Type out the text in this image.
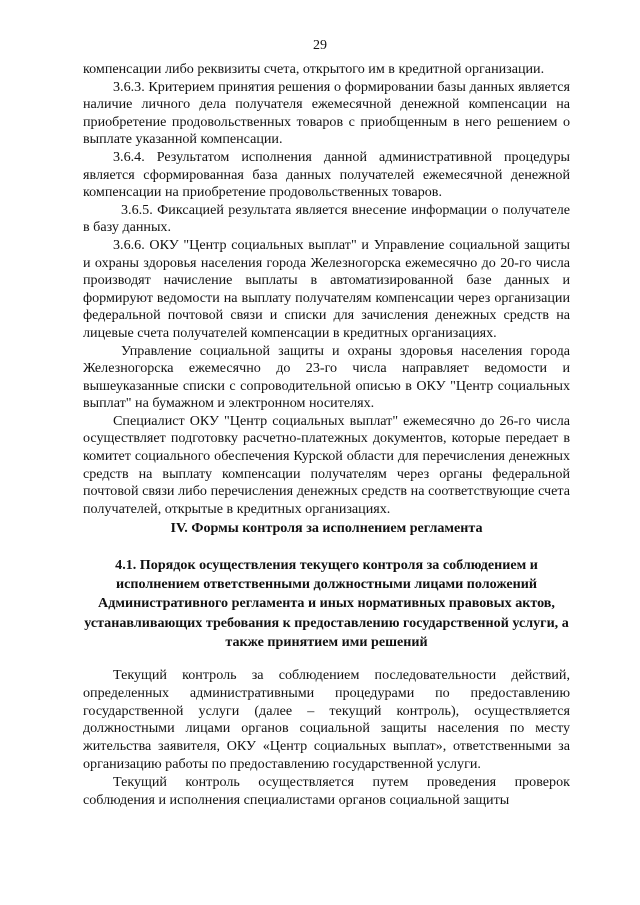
29

компенсации либо реквизиты счета, открытого им в кредитной организации.

3.6.3. Критерием принятия решения о формировании базы данных является наличие личного дела получателя ежемесячной денежной компенсации на приобретение продовольственных товаров с приобщенным в него решением о выплате указанной компенсации.

3.6.4. Результатом исполнения данной административной процедуры является сформированная база данных получателей ежемесячной денежной компенсации на приобретение продовольственных товаров.

3.6.5. Фиксацией результата является внесение информации о получателе в базу данных.

3.6.6. ОКУ "Центр социальных выплат" и Управление социальной защиты и охраны здоровья населения города Железногорска ежемесячно до 20-го числа производят начисление выплаты в автоматизированной базе данных и формируют ведомости на выплату получателям компенсации через организации федеральной почтовой связи и списки для зачисления денежных средств на лицевые счета получателей компенсации в кредитных организациях.

Управление социальной защиты и охраны здоровья населения города Железногорска ежемесячно до 23-го числа направляет ведомости и вышеуказанные списки с сопроводительной описью в ОКУ "Центр социальных выплат" на бумажном и электронном носителях.

Специалист ОКУ "Центр социальных выплат" ежемесячно до 26-го числа осуществляет подготовку расчетно-платежных документов, которые передает в комитет социального обеспечения Курской области для перечисления денежных средств на выплату компенсации получателям через органы федеральной почтовой связи либо перечисления денежных средств на соответствующие счета получателей, открытые в кредитных организациях.

IV. Формы контроля за исполнением регламента
4.1. Порядок осуществления текущего контроля за соблюдением и исполнением ответственными должностными лицами положений Административного регламента и иных нормативных правовых актов, устанавливающих требования к предоставлению государственной услуги, а также принятием ими решений

Текущий контроль за соблюдением последовательности действий, определенных административными процедурами по предоставлению государственной услуги (далее – текущий контроль), осуществляется должностными лицами органов социальной защиты населения по месту жительства заявителя, ОКУ «Центр социальных выплат», ответственными за организацию работы по предоставлению государственной услуги.

Текущий контроль осуществляется путем проведения проверок соблюдения и исполнения специалистами органов социальной защиты
